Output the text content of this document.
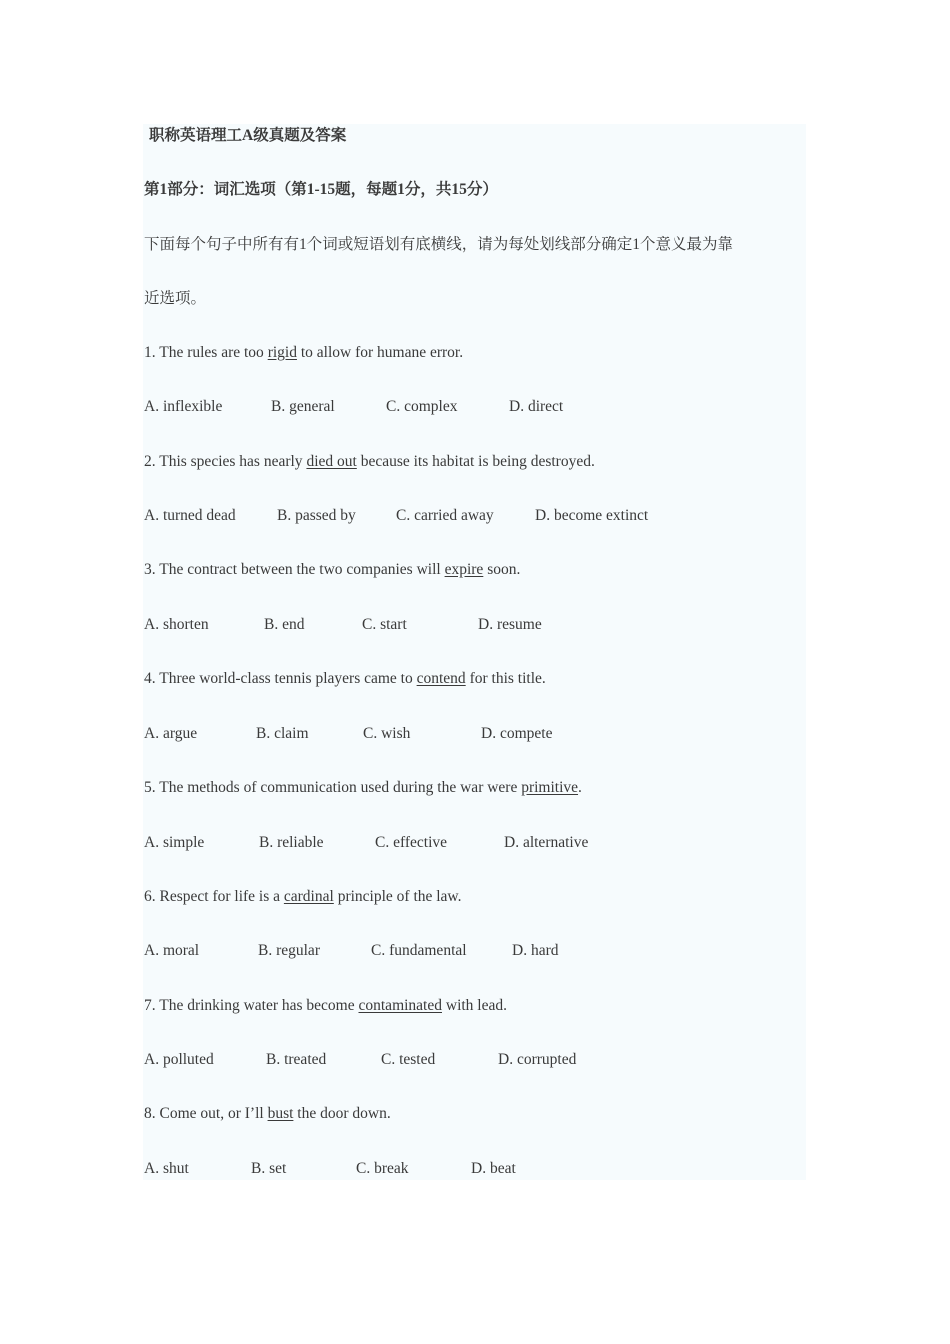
职称英语理工A级真题及答案
第1部分：词汇选项（第1-15题，每题1分，共15分）
下面每个句子中所有有1个词或短语划有底横线，请为每处划线部分确定1个意义最为靠
近选项。
1. The rules are too rigid to allow for humane error.
A. inflexible	B. general	C. complex	D. direct
2. This species has nearly died out because its habitat is being destroyed.
A. turned dead	B. passed by	C. carried away	D. become extinct
3. The contract between the two companies will expire soon.
A. shorten	B. end	C. start	D. resume
4. Three world-class tennis players came to contend for this title.
A. argue	B. claim	C. wish	D. compete
5. The methods of communication used during the war were primitive.
A. simple	B. reliable	C. effective	D. alternative
6. Respect for life is a cardinal principle of the law.
A. moral	B. regular	C. fundamental	D. hard
7. The drinking water has become contaminated with lead.
A. polluted	B. treated	C. tested	D. corrupted
8. Come out, or I’ll bust the door down.
A. shut	B. set	C. break	D. beat
